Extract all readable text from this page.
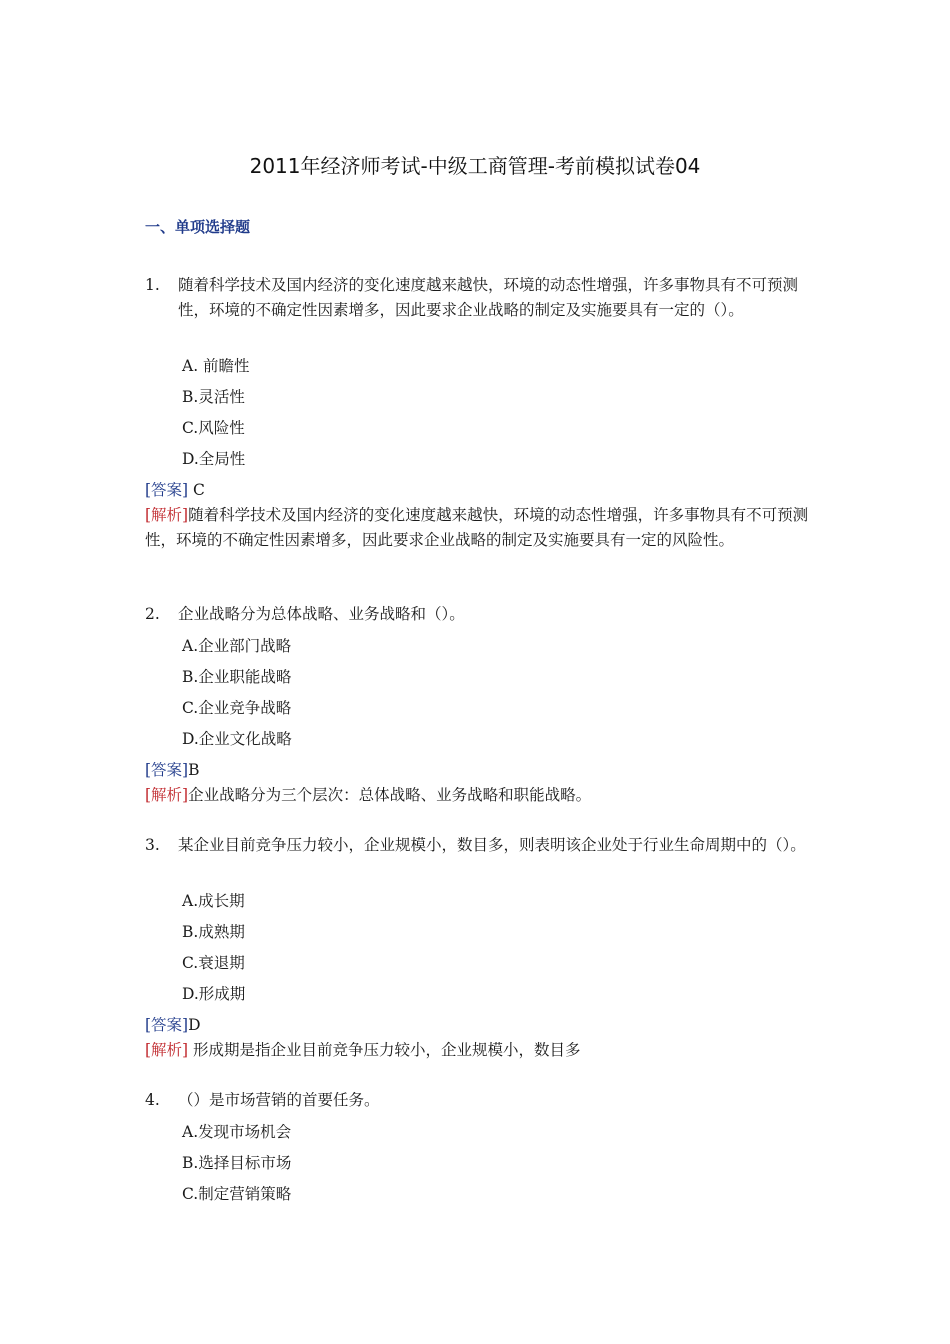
2011年经济师考试-中级工商管理-考前模拟试卷04
一、单项选择题
1.	随着科学技术及国内经济的变化速度越来越快，环境的动态性增强，许多事物具有不可预测性，环境的不确定性因素增多，因此要求企业战略的制定及实施要具有一定的（）。
A. 前瞻性
B.灵活性
C.风险性
D.全局性
[答案] C
[解析]随着科学技术及国内经济的变化速度越来越快，环境的动态性增强，许多事物具有不可预测性，环境的不确定性因素增多，因此要求企业战略的制定及实施要具有一定的风险性。
2.	企业战略分为总体战略、业务战略和（）。
A.企业部门战略
B.企业职能战略
C.企业竞争战略
D.企业文化战略
[答案]B
[解析]企业战略分为三个层次：总体战略、业务战略和职能战略。
3.	某企业目前竞争压力较小，企业规模小，数目多，则表明该企业处于行业生命周期中的（）。
A.成长期
B.成熟期
C.衰退期
D.形成期
[答案]D
[解析] 形成期是指企业目前竞争压力较小，企业规模小，数目多
4.	（）是市场营销的首要任务。
A.发现市场机会
B.选择目标市场
C.制定营销策略
